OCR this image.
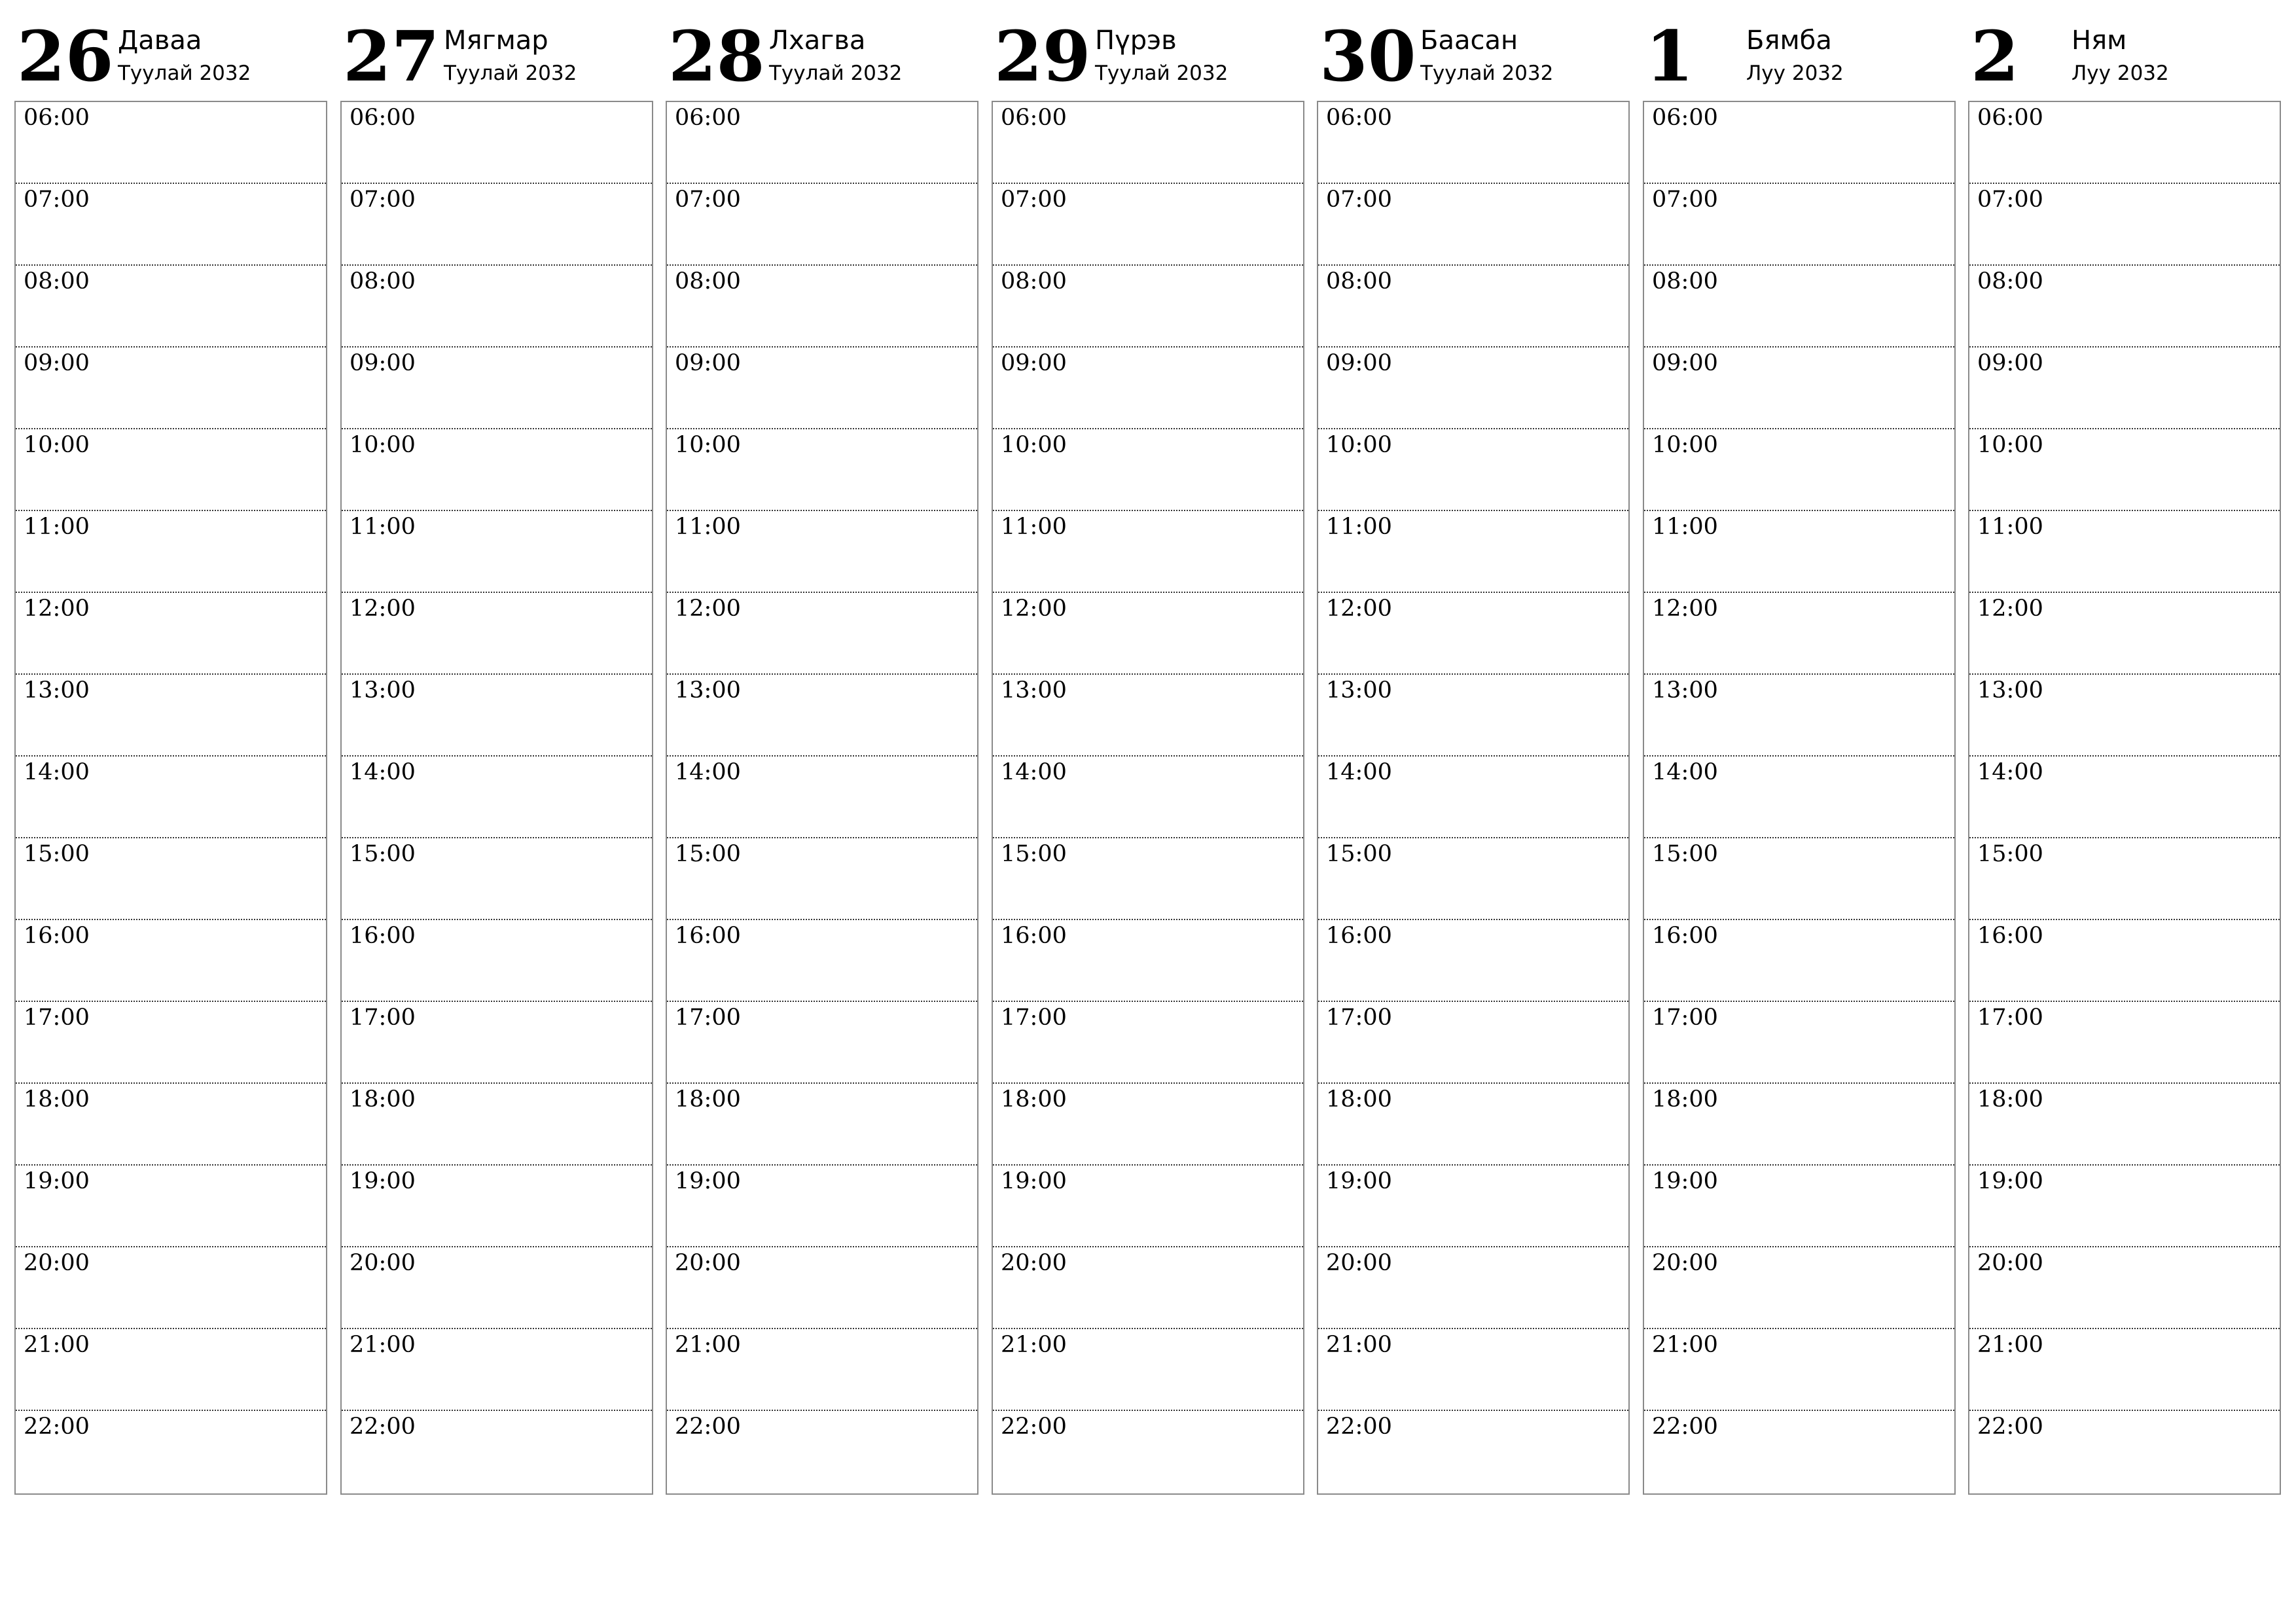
26 Даваа
Туулай 2032
06:00
07:00
08:00
09:00
10:00
11:00
12:00
13:00
14:00
15:00
16:00
17:00
18:00
19:00
20:00
21:00
22:00
27 Мягмар
Туулай 2032
06:00
07:00
08:00
09:00
10:00
11:00
12:00
13:00
14:00
15:00
16:00
17:00
18:00
19:00
20:00
21:00
22:00
28 Лхагва
Туулай 2032
06:00
07:00
08:00
09:00
10:00
11:00
12:00
13:00
14:00
15:00
16:00
17:00
18:00
19:00
20:00
21:00
22:00
29 Пүрэв
Туулай 2032
06:00
07:00
08:00
09:00
10:00
11:00
12:00
13:00
14:00
15:00
16:00
17:00
18:00
19:00
20:00
21:00
22:00
30 Баасан
Туулай 2032
06:00
07:00
08:00
09:00
10:00
11:00
12:00
13:00
14:00
15:00
16:00
17:00
18:00
19:00
20:00
21:00
22:00
1 Бямба
Луу 2032
06:00
07:00
08:00
09:00
10:00
11:00
12:00
13:00
14:00
15:00
16:00
17:00
18:00
19:00
20:00
21:00
22:00
2 Ням
Луу 2032
06:00
07:00
08:00
09:00
10:00
11:00
12:00
13:00
14:00
15:00
16:00
17:00
18:00
19:00
20:00
21:00
22:00
